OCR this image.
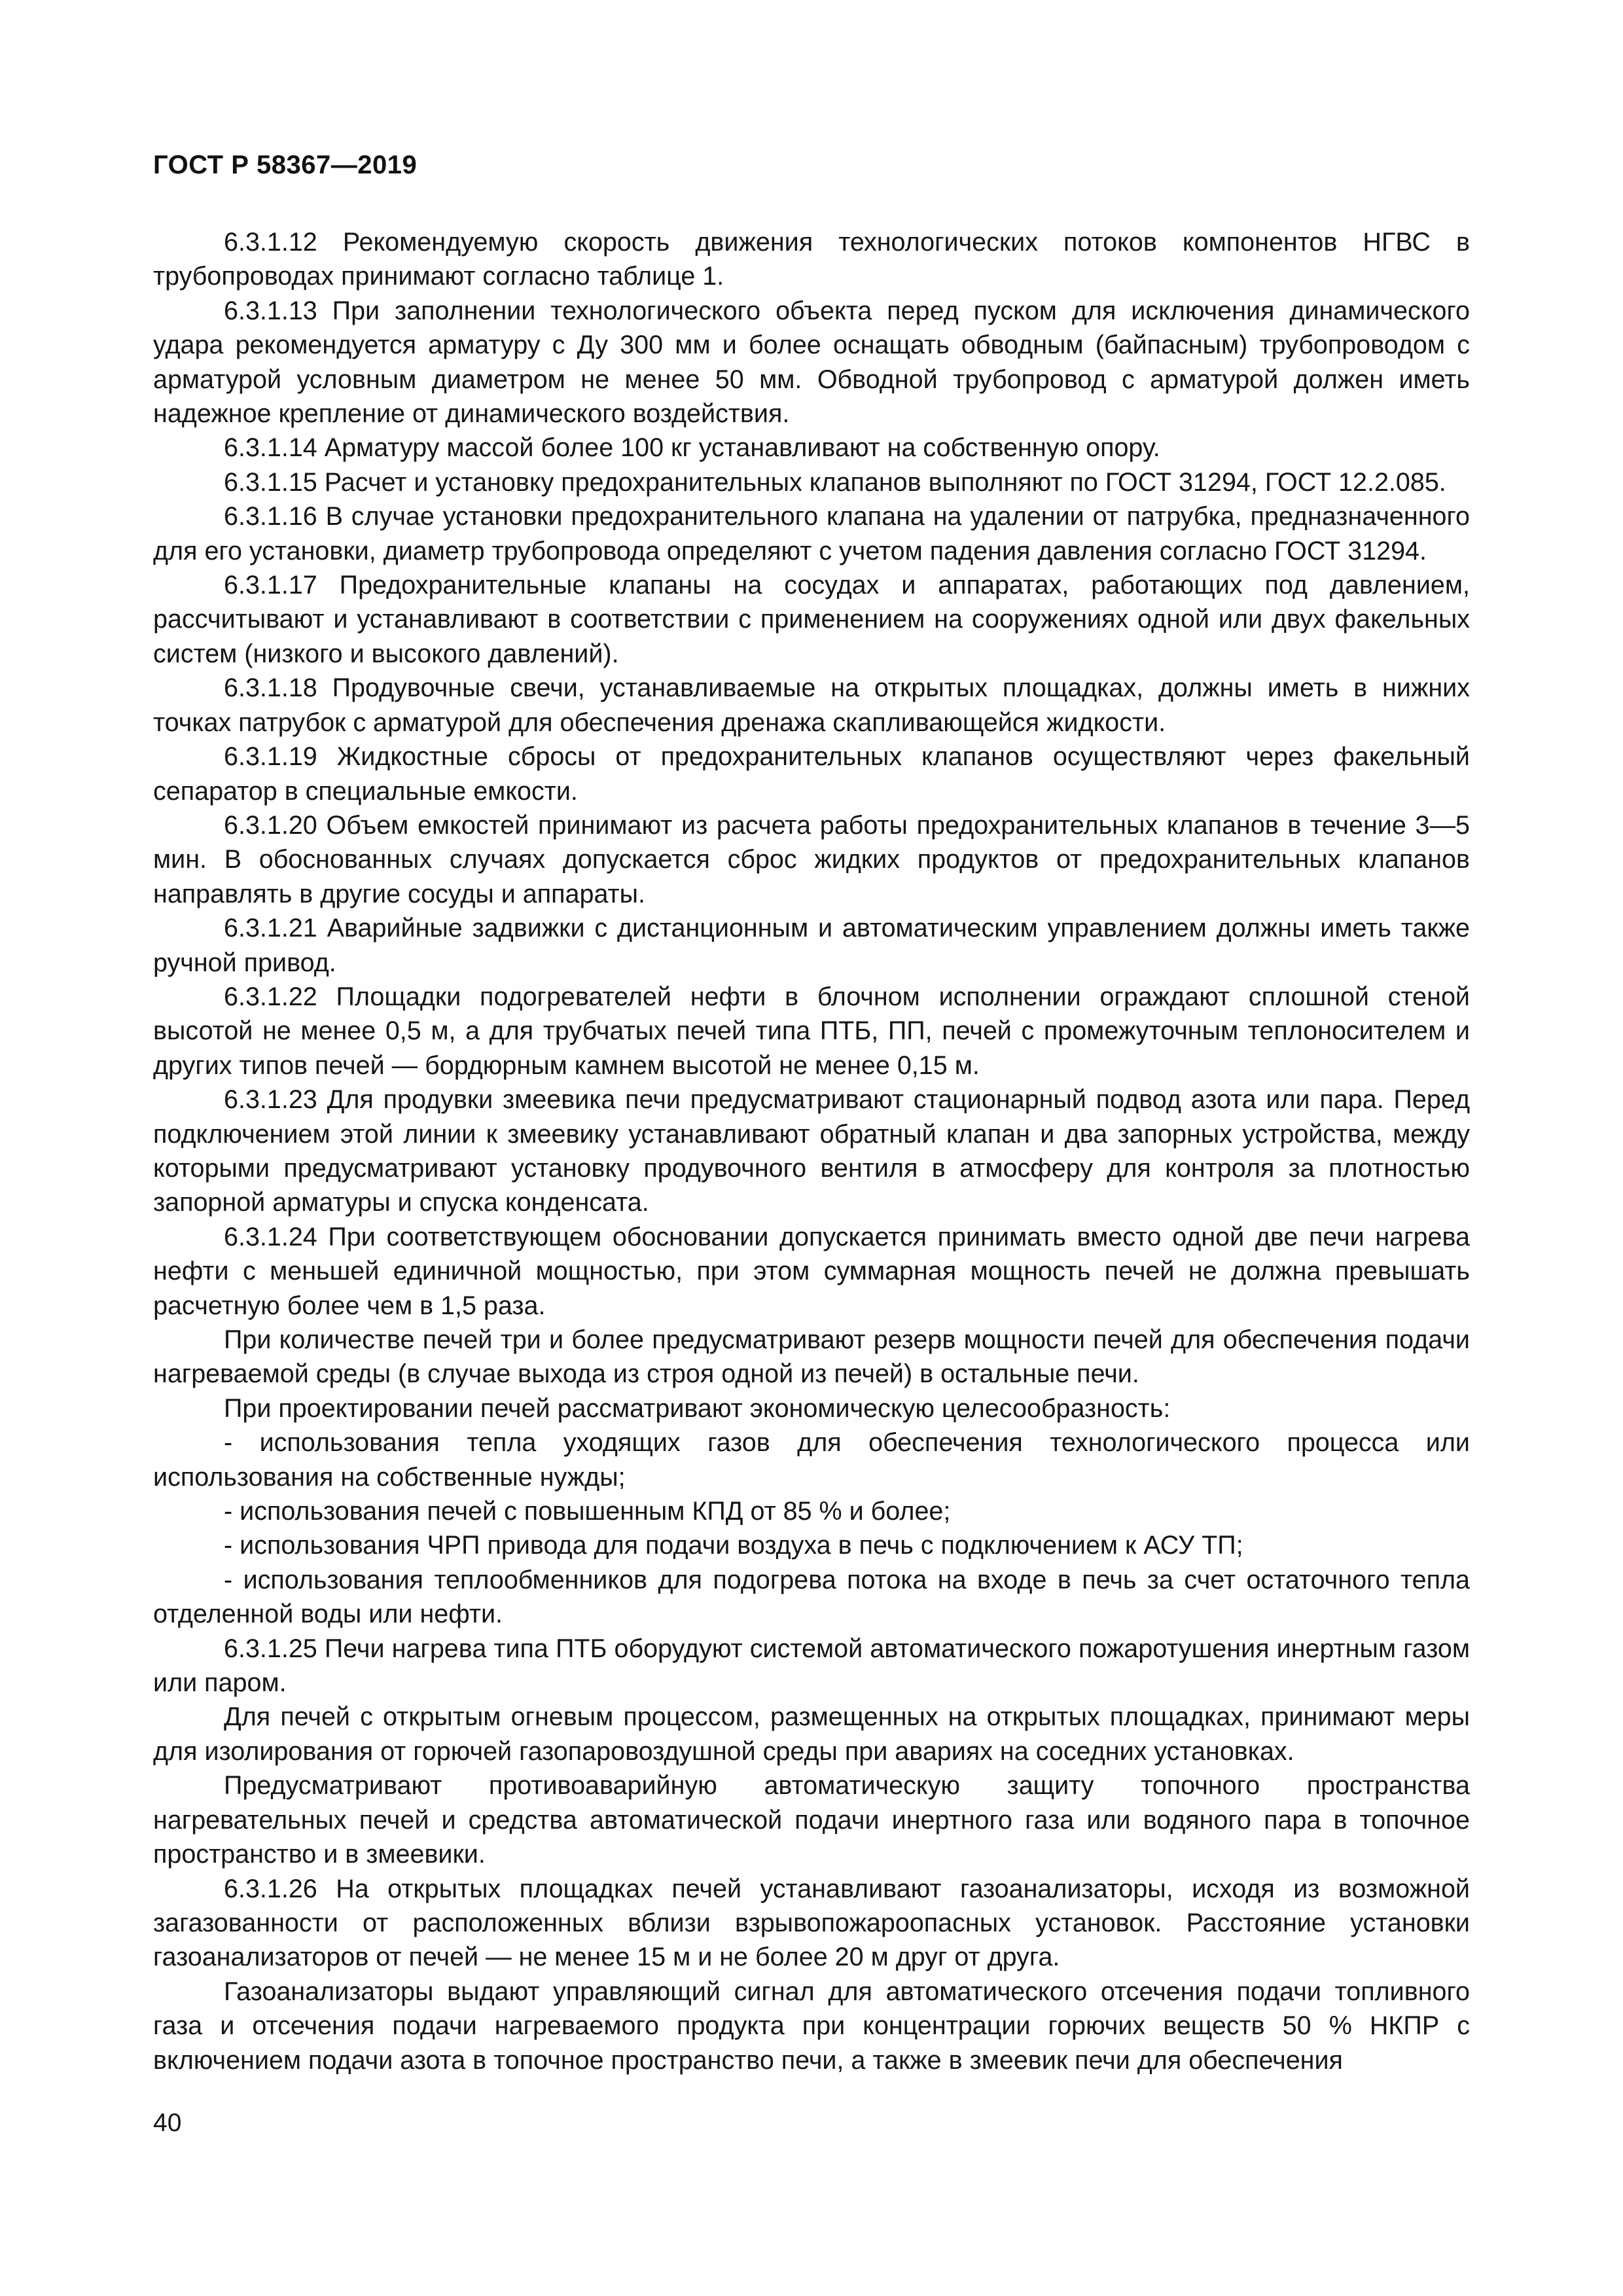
ГОСТ Р 58367—2019

6.3.1.12 Рекомендуемую скорость движения технологических потоков компонентов НГВС в трубопроводах принимают согласно таблице 1.

6.3.1.13 При заполнении технологического объекта перед пуском для исключения динамического удара рекомендуется арматуру с Ду 300 мм и более оснащать обводным (байпасным) трубопроводом с арматурой условным диаметром не менее 50 мм. Обводной трубопровод с арматурой должен иметь надежное крепление от динамического воздействия.

6.3.1.14 Арматуру массой более 100 кг устанавливают на собственную опору.

6.3.1.15 Расчет и установку предохранительных клапанов выполняют по ГОСТ 31294, ГОСТ 12.2.085.

6.3.1.16 В случае установки предохранительного клапана на удалении от патрубка, предназначенного для его установки, диаметр трубопровода определяют с учетом падения давления согласно ГОСТ 31294.

6.3.1.17 Предохранительные клапаны на сосудах и аппаратах, работающих под давлением, рассчитывают и устанавливают в соответствии с применением на сооружениях одной или двух факельных систем (низкого и высокого давлений).

6.3.1.18 Продувочные свечи, устанавливаемые на открытых площадках, должны иметь в нижних точках патрубок с арматурой для обеспечения дренажа скапливающейся жидкости.

6.3.1.19 Жидкостные сбросы от предохранительных клапанов осуществляют через факельный сепаратор в специальные емкости.

6.3.1.20 Объем емкостей принимают из расчета работы предохранительных клапанов в течение 3—5 мин. В обоснованных случаях допускается сброс жидких продуктов от предохранительных клапанов направлять в другие сосуды и аппараты.

6.3.1.21 Аварийные задвижки с дистанционным и автоматическим управлением должны иметь также ручной привод.

6.3.1.22 Площадки подогревателей нефти в блочном исполнении ограждают сплошной стеной высотой не менее 0,5 м, а для трубчатых печей типа ПТБ, ПП, печей с промежуточным теплоносителем и других типов печей — бордюрным камнем высотой не менее 0,15 м.

6.3.1.23 Для продувки змеевика печи предусматривают стационарный подвод азота или пара. Перед подключением этой линии к змеевику устанавливают обратный клапан и два запорных устройства, между которыми предусматривают установку продувочного вентиля в атмосферу для контроля за плотностью запорной арматуры и спуска конденсата.

6.3.1.24 При соответствующем обосновании допускается принимать вместо одной две печи нагрева нефти с меньшей единичной мощностью, при этом суммарная мощность печей не должна превышать расчетную более чем в 1,5 раза.

При количестве печей три и более предусматривают резерв мощности печей для обеспечения подачи нагреваемой среды (в случае выхода из строя одной из печей) в остальные печи.

При проектировании печей рассматривают экономическую целесообразность:

- использования тепла уходящих газов для обеспечения технологического процесса или использования на собственные нужды;

- использования печей с повышенным КПД от 85 % и более;

- использования ЧРП привода для подачи воздуха в печь с подключением к АСУ ТП;

- использования теплообменников для подогрева потока на входе в печь за счет остаточного тепла отделенной воды или нефти.

6.3.1.25 Печи нагрева типа ПТБ оборудуют системой автоматического пожаротушения инертным газом или паром.

Для печей с открытым огневым процессом, размещенных на открытых площадках, принимают меры для изолирования от горючей газопаровоздушной среды при авариях на соседних установках.

Предусматривают противоаварийную автоматическую защиту топочного пространства нагревательных печей и средства автоматической подачи инертного газа или водяного пара в топочное пространство и в змеевики.

6.3.1.26 На открытых площадках печей устанавливают газоанализаторы, исходя из возможной загазованности от расположенных вблизи взрывопожароопасных установок. Расстояние установки газоанализаторов от печей — не менее 15 м и не более 20 м друг от друга.

Газоанализаторы выдают управляющий сигнал для автоматического отсечения подачи топливного газа и отсечения подачи нагреваемого продукта при концентрации горючих веществ 50 % НКПР с включением подачи азота в топочное пространство печи, а также в змеевик печи для обеспечения

40
